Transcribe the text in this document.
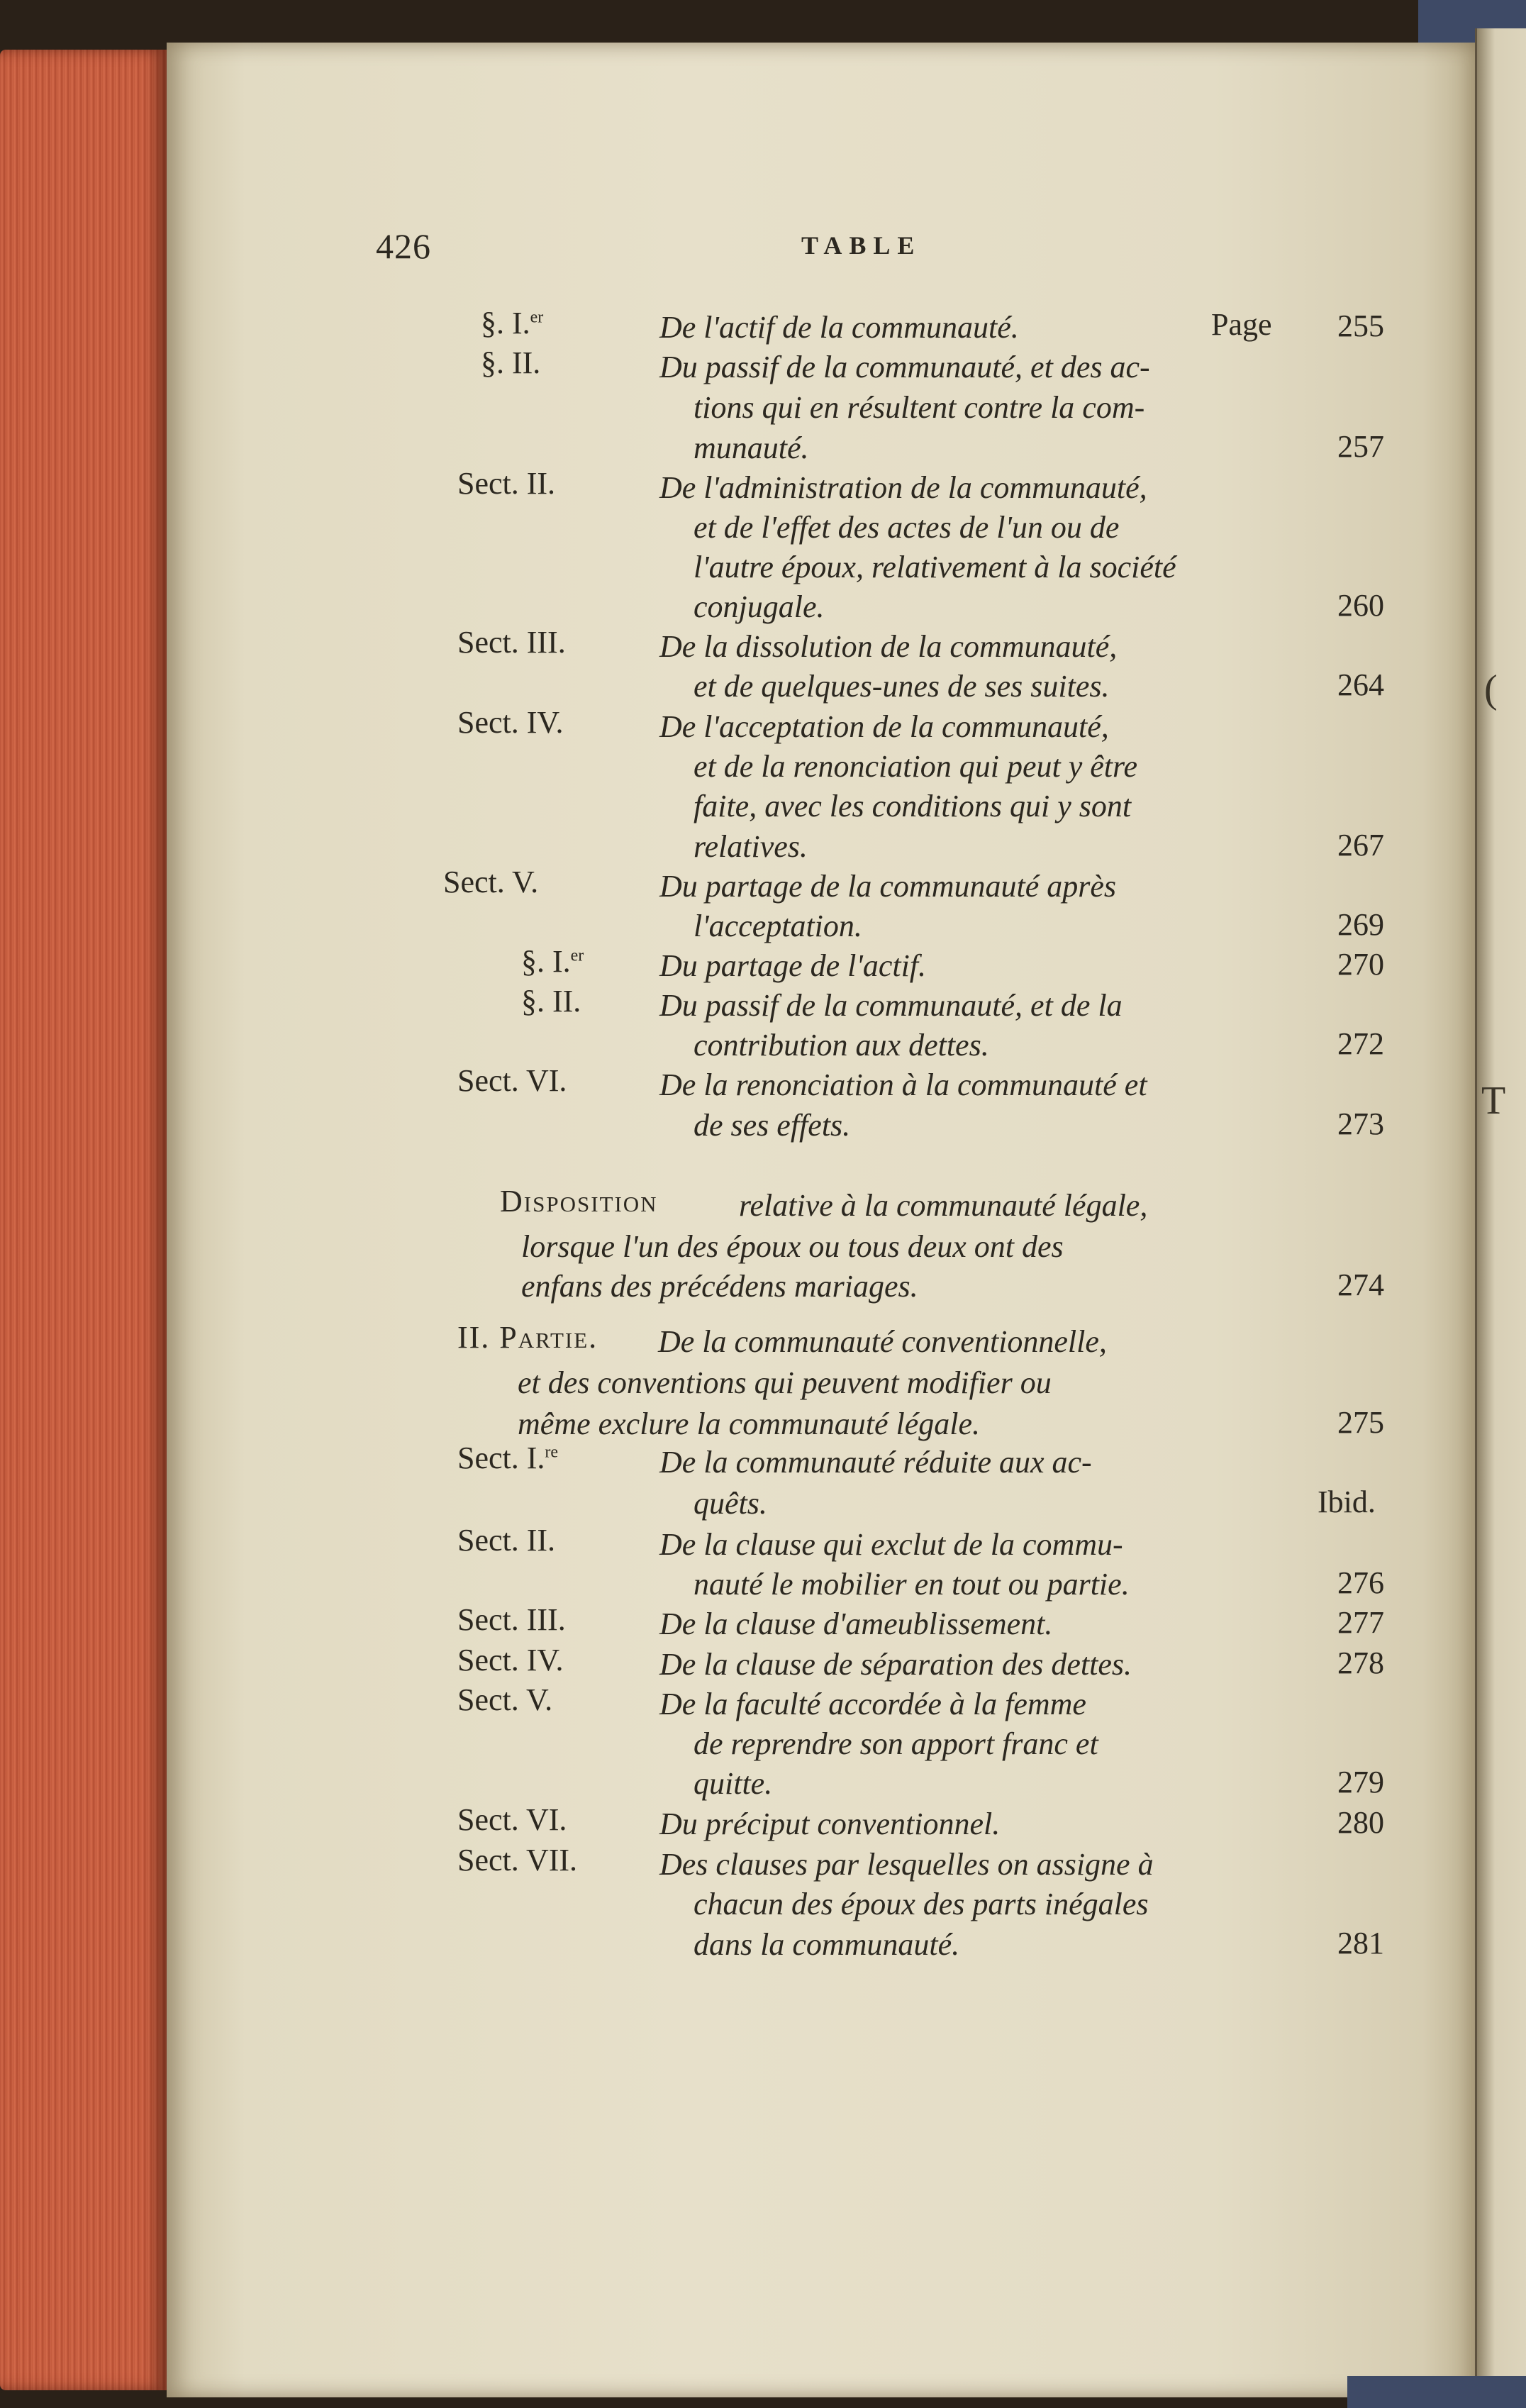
(
T
426	TABLE
§. I.$^{er}$	De l'actif de la communauté.	Page 255
§. II.	Du passif de la communauté, et des ac-
tions qui en résultent contre la com-
munauté.	257
Sect. II.	De l'administration de la communauté,
et de l'effet des actes de l'un ou de
l'autre époux, relativement à la société
conjugale.	260
Sect. III.	De la dissolution de la communauté,
et de quelques-unes de ses suites.	264
Sect. IV.	De l'acceptation de la communauté,
et de la renonciation qui peut y être
faite, avec les conditions qui y sont
relatives.	267
Sect. V.	Du partage de la communauté après
l'acceptation.	269
§. I.$^{er}$ Du partage de l'actif.	270
§. II.	Du passif de la communauté, et de la
contribution aux dettes.	272
Sect. VI.	De la renonciation à la communauté et
de ses effets.	273
Disposition	relative à la communauté légale,
lorsque l'un des époux ou tous deux ont des
enfans des précédens mariages.	274
II. Partie. De la communauté conventionnelle,
et des conventions qui peuvent modifier ou
même exclure la communauté légale.	275
Sect. I.$^{re}$	De la communauté réduite aux ac-
quêts.	Ibid.
Sect. II.	De la clause qui exclut de la commu-
nauté le mobilier en tout ou partie.	276
Sect. III.	De la clause d'ameublissement.	277
Sect. IV.	De la clause de séparation des dettes.	278
Sect. V.	De la faculté accordée à la femme
de reprendre son apport franc et
quitte.	279
Sect. VI.	Du préciput conventionnel.	280
Sect. VII.	Des clauses par lesquelles on assigne à
chacun des époux des parts inégales
dans la communauté.	281
